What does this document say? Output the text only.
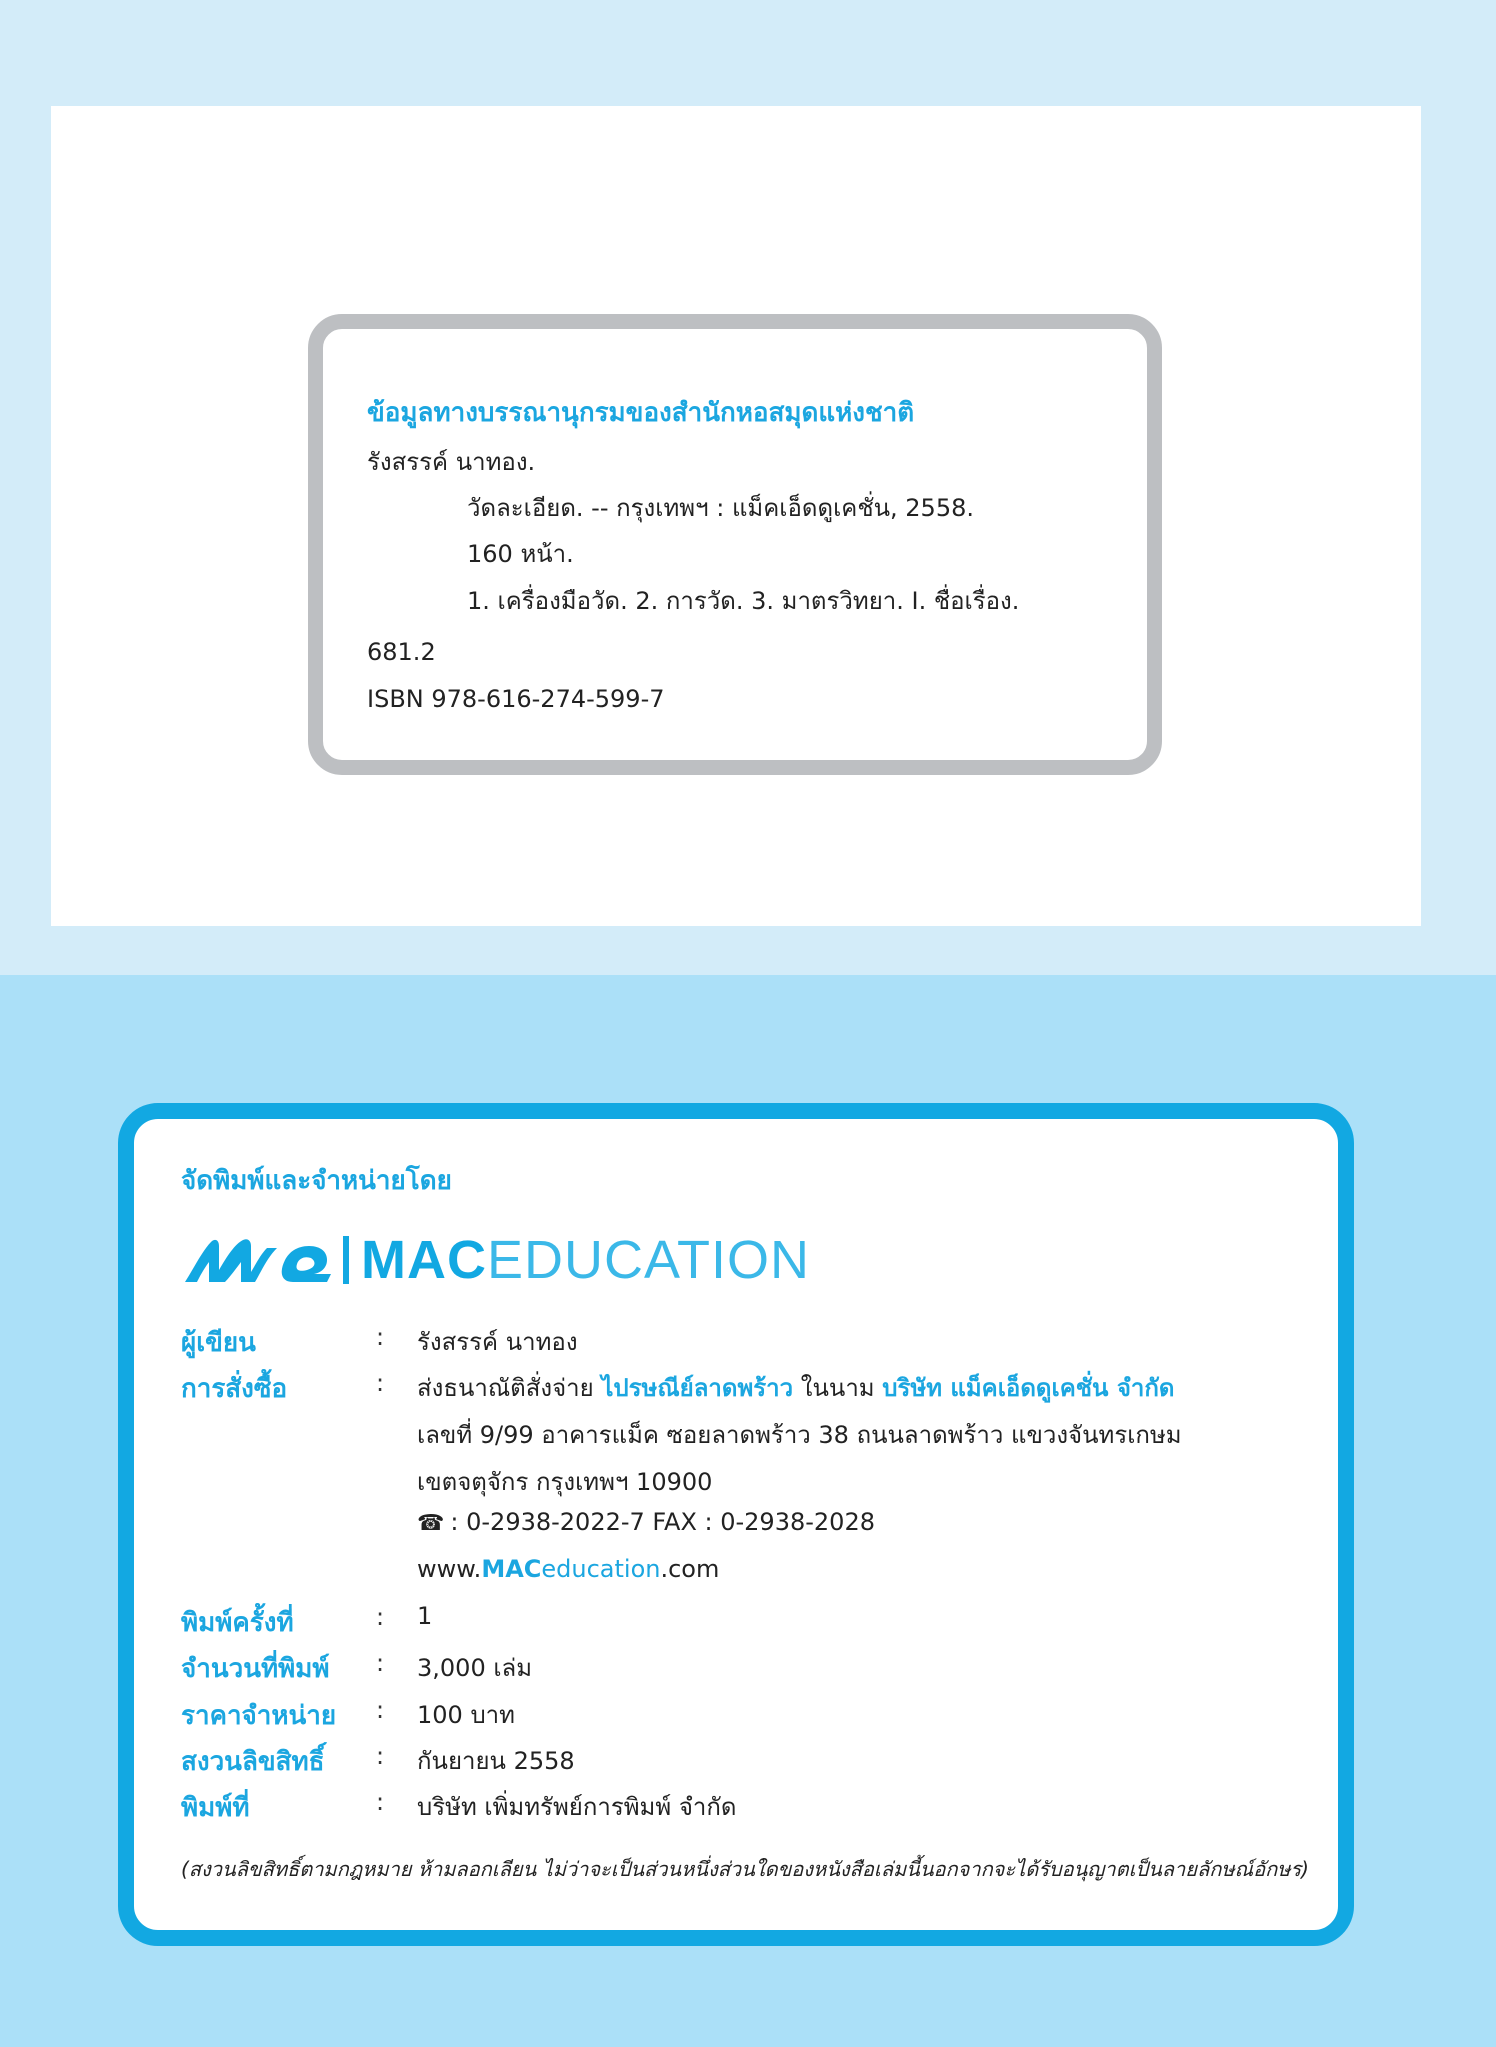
ข้อมูลทางบรรณานุกรมของสำนักหอสมุดแห่งชาติ
รังสรรค์ นาทอง.
วัดละเอียด. -- กรุงเทพฯ : แม็คเอ็ดดูเคชั่น, 2558.
160 หน้า.
1. เครื่องมือวัด. 2. การวัด. 3. มาตรวิทยา. I. ชื่อเรื่อง.
681.2
ISBN 978-616-274-599-7
จัดพิมพ์และจำหน่ายโดย
MACEDUCATION
ผู้เขียน	: รังสรรค์ นาทอง
การสั่งซื้อ	: ส่งธนาณัติสั่งจ่าย ไปรษณีย์ลาดพร้าว ในนาม บริษัท แม็คเอ็ดดูเคชั่น จำกัด
เลขที่ 9/99 อาคารแม็ค ซอยลาดพร้าว 38 ถนนลาดพร้าว แขวงจันทรเกษม
เขตจตุจักร กรุงเทพฯ 10900
☎ : 0-2938-2022-7 FAX : 0-2938-2028
www.MACeducation.com
พิมพ์ครั้งที่	: 1
จำนวนที่พิมพ์ : 3,000 เล่ม
ราคาจำหน่าย : 100 บาท
สงวนลิขสิทธิ์ : กันยายน 2558
พิมพ์ที่	: บริษัท เพิ่มทรัพย์การพิมพ์ จำกัด
(สงวนลิขสิทธิ์ตามกฎหมาย ห้ามลอกเลียน ไม่ว่าจะเป็นส่วนหนึ่งส่วนใดของหนังสือเล่มนี้นอกจากจะได้รับอนุญาตเป็นลายลักษณ์อักษร)
